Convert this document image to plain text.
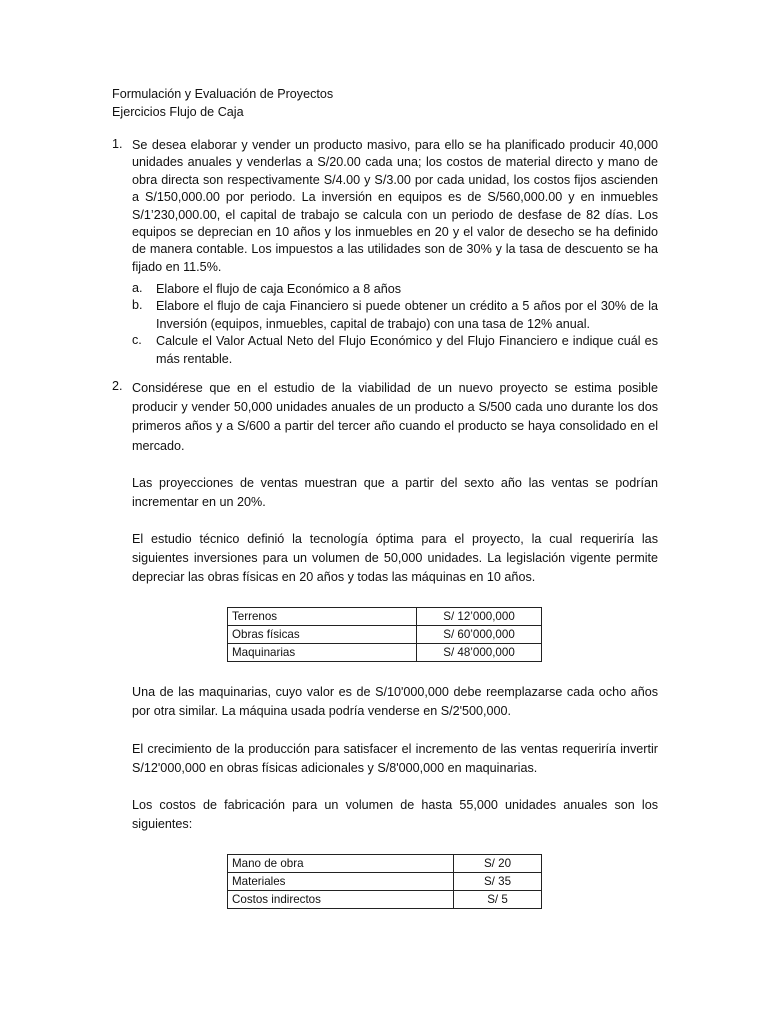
Formulación y Evaluación de Proyectos
Ejercicios Flujo de Caja
1. Se desea elaborar y vender un producto masivo, para ello se ha planificado producir 40,000 unidades anuales y venderlas a S/20.00 cada una; los costos de material directo y mano de obra directa son respectivamente S/4.00 y S/3.00 por cada unidad, los costos fijos ascienden a S/150,000.00 por periodo. La inversión en equipos es de S/560,000.00 y en inmuebles S/1’230,000.00, el capital de trabajo se calcula con un periodo de desfase de 82 días. Los equipos se deprecian en 10 años y los inmuebles en 20 y el valor de desecho se ha definido de manera contable. Los impuestos a las utilidades son de 30% y la tasa de descuento se ha fijado en 11.5%.
a. Elabore el flujo de caja Económico a 8 años
b. Elabore el flujo de caja Financiero si puede obtener un crédito a 5 años por el 30% de la Inversión (equipos, inmuebles, capital de trabajo) con una tasa de 12% anual.
c. Calcule el Valor Actual Neto del Flujo Económico y del Flujo Financiero e indique cuál es más rentable.
2. Considérese que en el estudio de la viabilidad de un nuevo proyecto se estima posible producir y vender 50,000 unidades anuales de un producto a S/500 cada uno durante los dos primeros años y a S/600 a partir del tercer año cuando el producto se haya consolidado en el mercado.
Las proyecciones de ventas muestran que a partir del sexto año las ventas se podrían incrementar en un 20%.
El estudio técnico definió la tecnología óptima para el proyecto, la cual requeriría las siguientes inversiones para un volumen de 50,000 unidades. La legislación vigente permite depreciar las obras físicas en 20 años y todas las máquinas en 10 años.
Terrenos	S/ 12’000,000
Obras físicas	S/ 60’000,000
Maquinarias	S/ 48’000,000
Una de las maquinarias, cuyo valor es de S/10'000,000 debe reemplazarse cada ocho años por otra similar. La máquina usada podría venderse en S/2'500,000.
El crecimiento de la producción para satisfacer el incremento de las ventas requeriría invertir S/12'000,000 en obras físicas adicionales y S/8'000,000 en maquinarias.
Los costos de fabricación para un volumen de hasta 55,000 unidades anuales son los siguientes:
Mano de obra	S/ 20
Materiales	S/ 35
Costos indirectos	S/ 5
